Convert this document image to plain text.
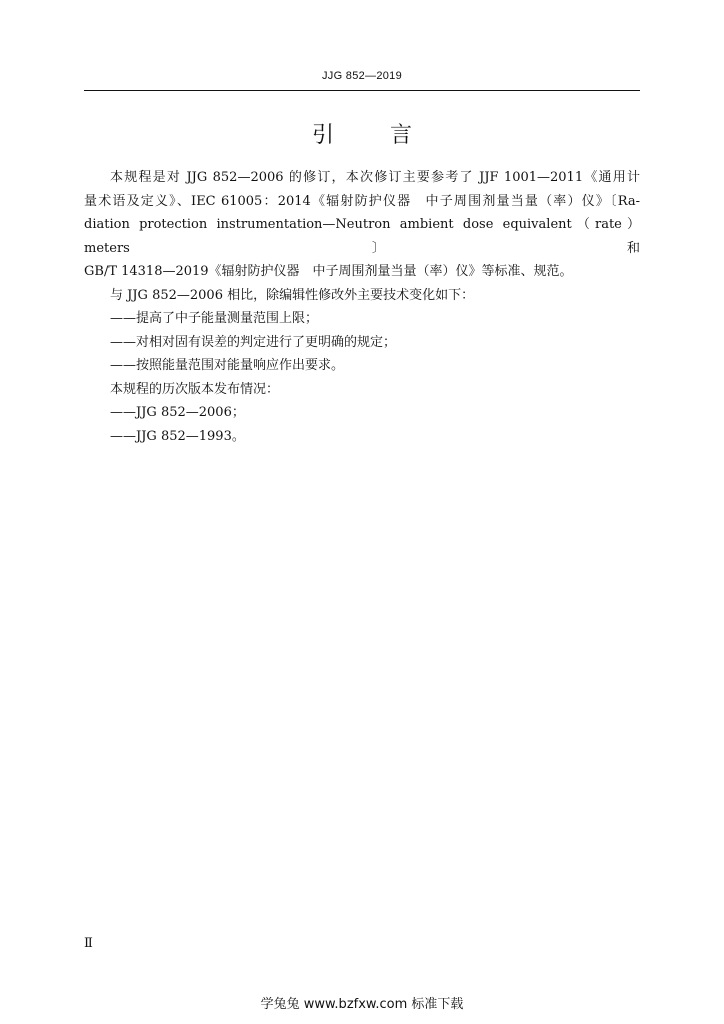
JJG 852—2019
引言

本规程是对 JJG 852—2006 的修订，本次修订主要参考了 JJF 1001—2011《通用计

量术语及定义》、IEC 61005：2014《辐射防护仪器　中子周围剂量当量（率）仪》〔Ra-

diation protection instrumentation—Neutron ambient dose equivalent（rate）meters〕和

GB/T 14318—2019《辐射防护仪器　中子周围剂量当量（率）仪》等标准、规范。

与 JJG 852—2006 相比，除编辑性修改外主要技术变化如下：

——提高了中子能量测量范围上限；

——对相对固有误差的判定进行了更明确的规定；

——按照能量范围对能量响应作出要求。

本规程的历次版本发布情况：

——JJG 852—2006；

——JJG 852—1993。

Ⅱ
学兔兔 www.bzfxw.com 标准下载
